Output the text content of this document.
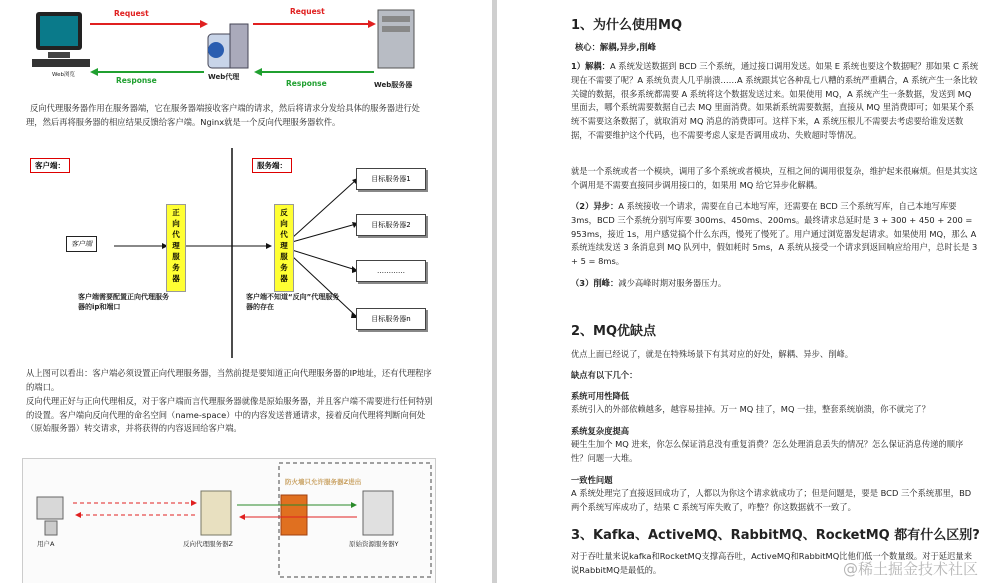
Request	Request
Response	Response
Web浏览	Web代理
Web服务器
反向代理服务器作用在服务器端，它在服务器端接收客户端的请求，然后将请求分发给具体的服务器进行处理，然后再将服务器的相应结果反馈给客户端。Nginx就是一个反向代理服务器软件。
客户端：	服务端：
客户端
正向代理服务器
反向代理服务器
目标服务器1
目标服务器2
…………
目标服务器n
客户端需要配置正向代理服务器的ip和端口
客户端不知道“反向”代理服务器的存在
从上图可以看出：客户端必须设置正向代理服务器，当然前提是要知道正向代理服务器的IP地址，还有代理程序的端口。
反向代理正好与正向代理相反，对于客户端而言代理服务器就像是原始服务器，并且客户端不需要进行任何特别的设置。客户端向反向代理的命名空间（name-space）中的内容发送普通请求，接着反向代理将判断向何处（原始服务器）转交请求，并将获得的内容返回给客户端。
防火墙只允许服务器Z进出
用户A	反向代理服务器Z	原始资源服务器Y
1、为什么使用MQ
核心：解耦,异步,削峰
1）解耦：A 系统发送数据到 BCD 三个系统，通过接口调用发送。如果 E 系统也要这个数据呢？那如果 C 系统现在不需要了呢？A 系统负责人几乎崩溃……A 系统跟其它各种乱七八糟的系统严重耦合，A 系统产生一条比较关键的数据，很多系统都需要 A 系统将这个数据发送过来。如果使用 MQ，A 系统产生一条数据，发送到 MQ 里面去，哪个系统需要数据自己去 MQ 里面消费。如果新系统需要数据，直接从 MQ 里消费即可；如果某个系统不需要这条数据了，就取消对 MQ 消息的消费即可。这样下来，A 系统压根儿不需要去考虑要给谁发送数据，不需要维护这个代码，也不需要考虑人家是否调用成功、失败超时等情况。
就是一个系统或者一个模块，调用了多个系统或者模块，互相之间的调用很复杂，维护起来很麻烦。但是其实这个调用是不需要直接同步调用接口的，如果用 MQ 给它异步化解耦。
（2）异步：A 系统接收一个请求，需要在自己本地写库，还需要在 BCD 三个系统写库，自己本地写库要 3ms，BCD 三个系统分别写库要 300ms、450ms、200ms。最终请求总延时是 3 + 300 + 450 + 200 = 953ms，接近 1s，用户感觉搞个什么东西，慢死了慢死了。用户通过浏览器发起请求。如果使用 MQ，那么 A 系统连续发送 3 条消息到 MQ 队列中，假如耗时 5ms，A 系统从接受一个请求到返回响应给用户，总时长是 3 + 5 = 8ms。
（3）削峰：减少高峰时期对服务器压力。
2、MQ优缺点
优点上面已经说了，就是在特殊场景下有其对应的好处，解耦、异步、削峰。
缺点有以下几个：
系统可用性降低
系统引入的外部依赖越多，越容易挂掉。万一 MQ 挂了，MQ 一挂，整套系统崩溃，你不就完了？
系统复杂度提高
硬生生加个 MQ 进来，你怎么保证消息没有重复消费？怎么处理消息丢失的情况？怎么保证消息传递的顺序性？问题一大堆。
一致性问题
A 系统处理完了直接返回成功了，人都以为你这个请求就成功了；但是问题是，要是 BCD 三个系统那里，BD 两个系统写库成功了，结果 C 系统写库失败了，咋整？你这数据就不一致了。
3、Kafka、ActiveMQ、RabbitMQ、RocketMQ 都有什么区别?
对于吞吐量来说kafka和RocketMQ支撑高吞吐，ActiveMQ和RabbitMQ比他们低一个数量级。对于延迟量来说RabbitMQ是最低的。	@稀土掘金技术社区
